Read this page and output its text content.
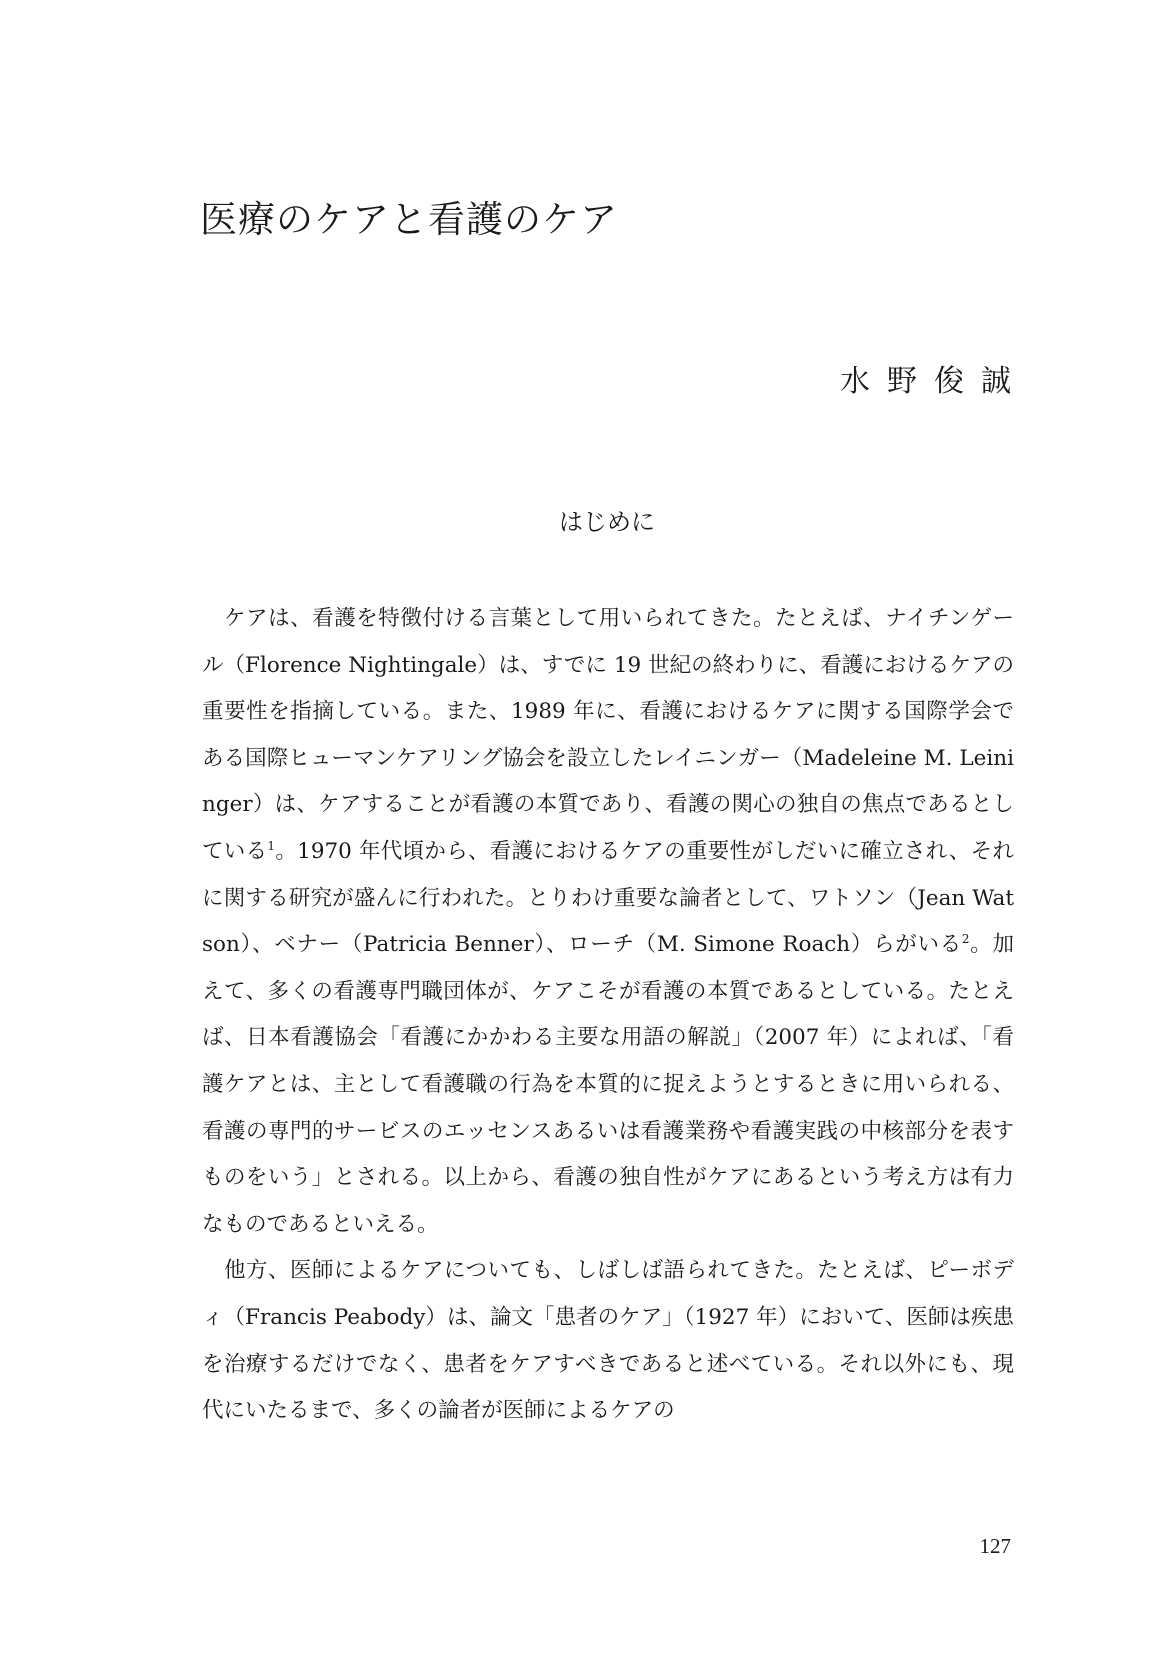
医療のケアと看護のケア
水野俊誠
はじめに

ケアは、看護を特徴付ける言葉として用いられてきた。たとえば、ナイチンゲール（Florence Nightingale）は、すでに 19 世紀の終わりに、看護におけるケアの重要性を指摘している。また、1989 年に、看護におけるケアに関する国際学会である国際ヒューマンケアリング協会を設立したレイニンガー（Madeleine M. Leininger）は、ケアすることが看護の本質であり、看護の関心の独自の焦点であるとしている$^1$。1970 年代頃から、看護におけるケアの重要性がしだいに確立され、それに関する研究が盛んに行われた。とりわけ重要な論者として、ワトソン（Jean Watson）、ベナー（Patricia Benner）、ローチ（M. Simone Roach）らがいる$^2$。加えて、多くの看護専門職団体が、ケアこそが看護の本質であるとしている。たとえば、日本看護協会「看護にかかわる主要な用語の解説」（2007 年）によれば、「看護ケアとは、主として看護職の行為を本質的に捉えようとするときに用いられる、看護の専門的サービスのエッセンスあるいは看護業務や看護実践の中核部分を表すものをいう」とされる。以上から、看護の独自性がケアにあるという考え方は有力なものであるといえる。

他方、医師によるケアについても、しばしば語られてきた。たとえば、ピーボディ（Francis Peabody）は、論文「患者のケア」（1927 年）において、医師は疾患を治療するだけでなく、患者をケアすべきであると述べている。それ以外にも、現代にいたるまで、多くの論者が医師によるケアの

127
